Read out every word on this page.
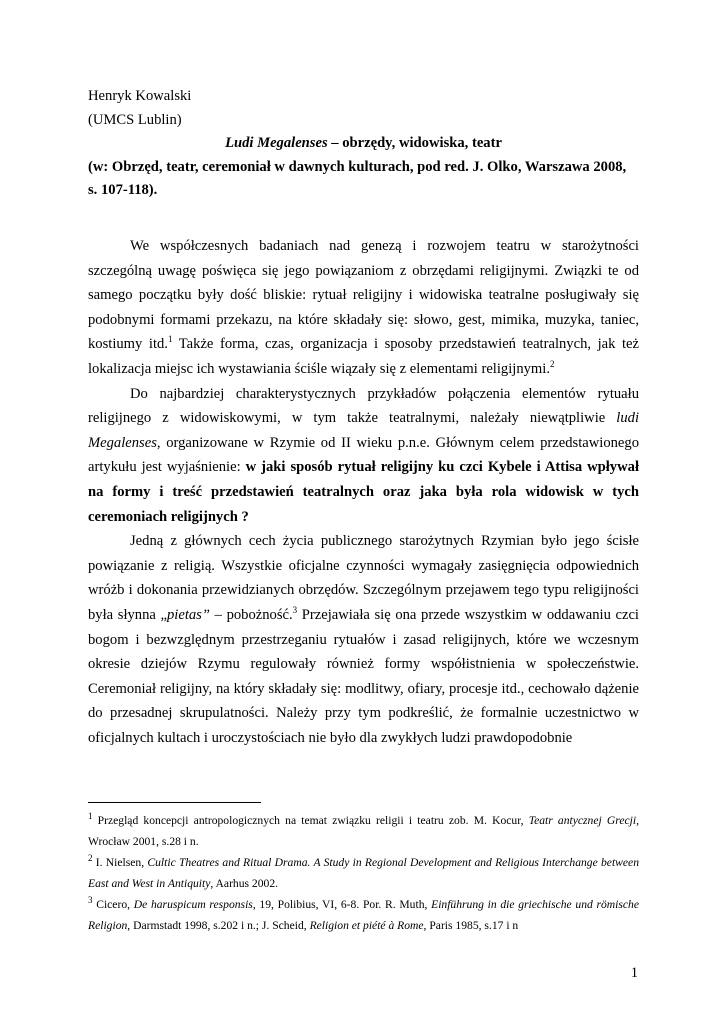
Henryk Kowalski
(UMCS Lublin)
Ludi Megalenses – obrzędy, widowiska, teatr
(w: Obrzęd, teatr, ceremoniał w dawnych kulturach, pod red. J. Olko, Warszawa 2008, s. 107-118).

We współczesnych badaniach nad genezą i rozwojem teatru w starożytności szczególną uwagę poświęca się jego powiązaniom z obrzędami religijnymi. Związki te od samego początku były dość bliskie: rytuał religijny i widowiska teatralne posługiwały się podobnymi formami przekazu, na które składały się: słowo, gest, mimika, muzyka, taniec, kostiumy itd.$^1$ Także forma, czas, organizacja i sposoby przedstawień teatralnych, jak też lokalizacja miejsc ich wystawiania ściśle wiązały się z elementami religijnymi.$^2$

Do najbardziej charakterystycznych przykładów połączenia elementów rytuału religijnego z widowiskowymi, w tym także teatralnymi, należały niewątpliwie ludi Megalenses, organizowane w Rzymie od II wieku p.n.e. Głównym celem przedstawionego artykułu jest wyjaśnienie: w jaki sposób rytuał religijny ku czci Kybele i Attisa wpływał na formy i treść przedstawień teatralnych oraz jaka była rola widowisk w tych ceremoniach religijnych ?

Jedną z głównych cech życia publicznego starożytnych Rzymian było jego ścisłe powiązanie z religią. Wszystkie oficjalne czynności wymagały zasięgnięcia odpowiednich wróżb i dokonania przewidzianych obrzędów. Szczególnym przejawem tego typu religijności była słynna „pietas” – pobożność.$^3$ Przejawiała się ona przede wszystkim w oddawaniu czci bogom i bezwzględnym przestrzeganiu rytuałów i zasad religijnych, które we wczesnym okresie dziejów Rzymu regulowały również formy współistnienia w społeczeństwie. Ceremoniał religijny, na który składały się: modlitwy, ofiary, procesje itd., cechowało dążenie do przesadnej skrupulatności. Należy przy tym podkreślić, że formalnie uczestnictwo w oficjalnych kultach i uroczystościach nie było dla zwykłych ludzi prawdopodobnie

$^1$ Przegląd koncepcji antropologicznych na temat związku religii i teatru zob. M. Kocur, Teatr antycznej Grecji, Wrocław 2001, s.28 i n.

$^2$ I. Nielsen, Cultic Theatres and Ritual Drama. A Study in Regional Development and Religious Interchange between East and West in Antiquity, Aarhus 2002.

$^3$ Cicero, De haruspicum responsis, 19, Polibius, VI, 6-8. Por. R. Muth, Einführung in die griechische und römische Religion, Darmstadt 1998, s.202 i n.; J. Scheid, Religion et piété à Rome, Paris 1985, s.17 i n

1
